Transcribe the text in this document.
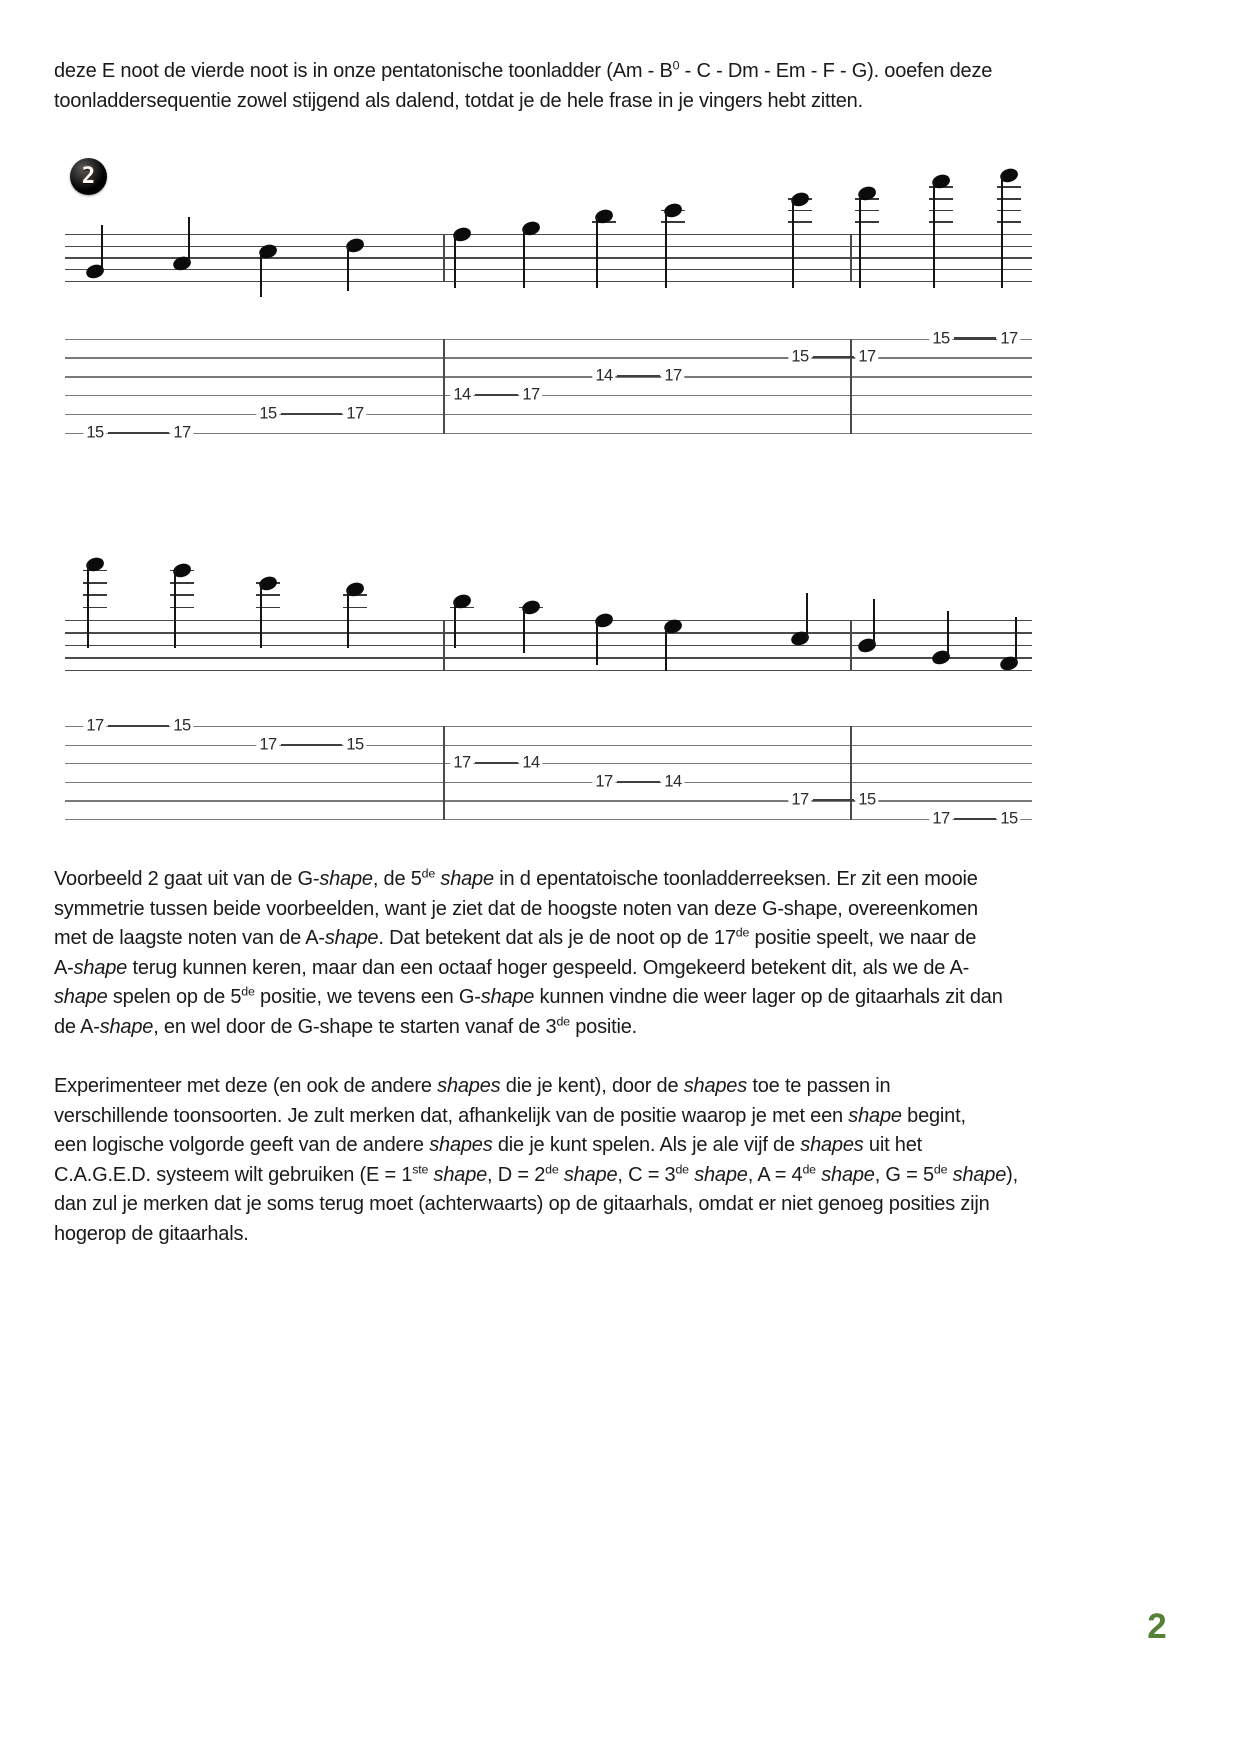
deze E noot de vierde noot is in onze pentatonische toonladder ($Am - B^0$ - C - Dm - Em - F - G). ooefen deze
toonladdersequentie zowel stijgend als dalend, totdat je de hele frase in je vingers hebt zitten.
2
15	17
15	17
14	17
14	17
15	17
15	17
17	15
17	15
17	14
17	14
17	15
17	15
Voorbeeld 2 gaat uit van de G-shape, de 5de shape in d epentatoische toonladderreeksen. Er zit een mooie
symmetrie tussen beide voorbeelden, want je ziet dat de hoogste noten van deze G-shape, overeenkomen
met de laagste noten van de A-shape. Dat betekent dat als je de noot op de 17de positie speelt, we naar de
A-shape terug kunnen keren, maar dan een octaaf hoger gespeeld. Omgekeerd betekent dit, als we de A-
shape spelen op de 5de positie, we tevens een G-shape kunnen vindne die weer lager op de gitaarhals zit dan
de A-shape, en wel door de G-shape te starten vanaf de 3de positie.
Experimenteer met deze (en ook de andere shapes die je kent), door de shapes toe te passen in
verschillende toonsoorten. Je zult merken dat, afhankelijk van de positie waarop je met een shape begint,
een logische volgorde geeft van de andere shapes die je kunt spelen. Als je ale vijf de shapes uit het
C.A.G.E.D. systeem wilt gebruiken (E = 1ste shape, D = 2de shape, C = 3de shape, A = 4de shape, G = 5de shape),
dan zul je merken dat je soms terug moet (achterwaarts) op de gitaarhals, omdat er niet genoeg posities zijn
hogerop de gitaarhals.
2
